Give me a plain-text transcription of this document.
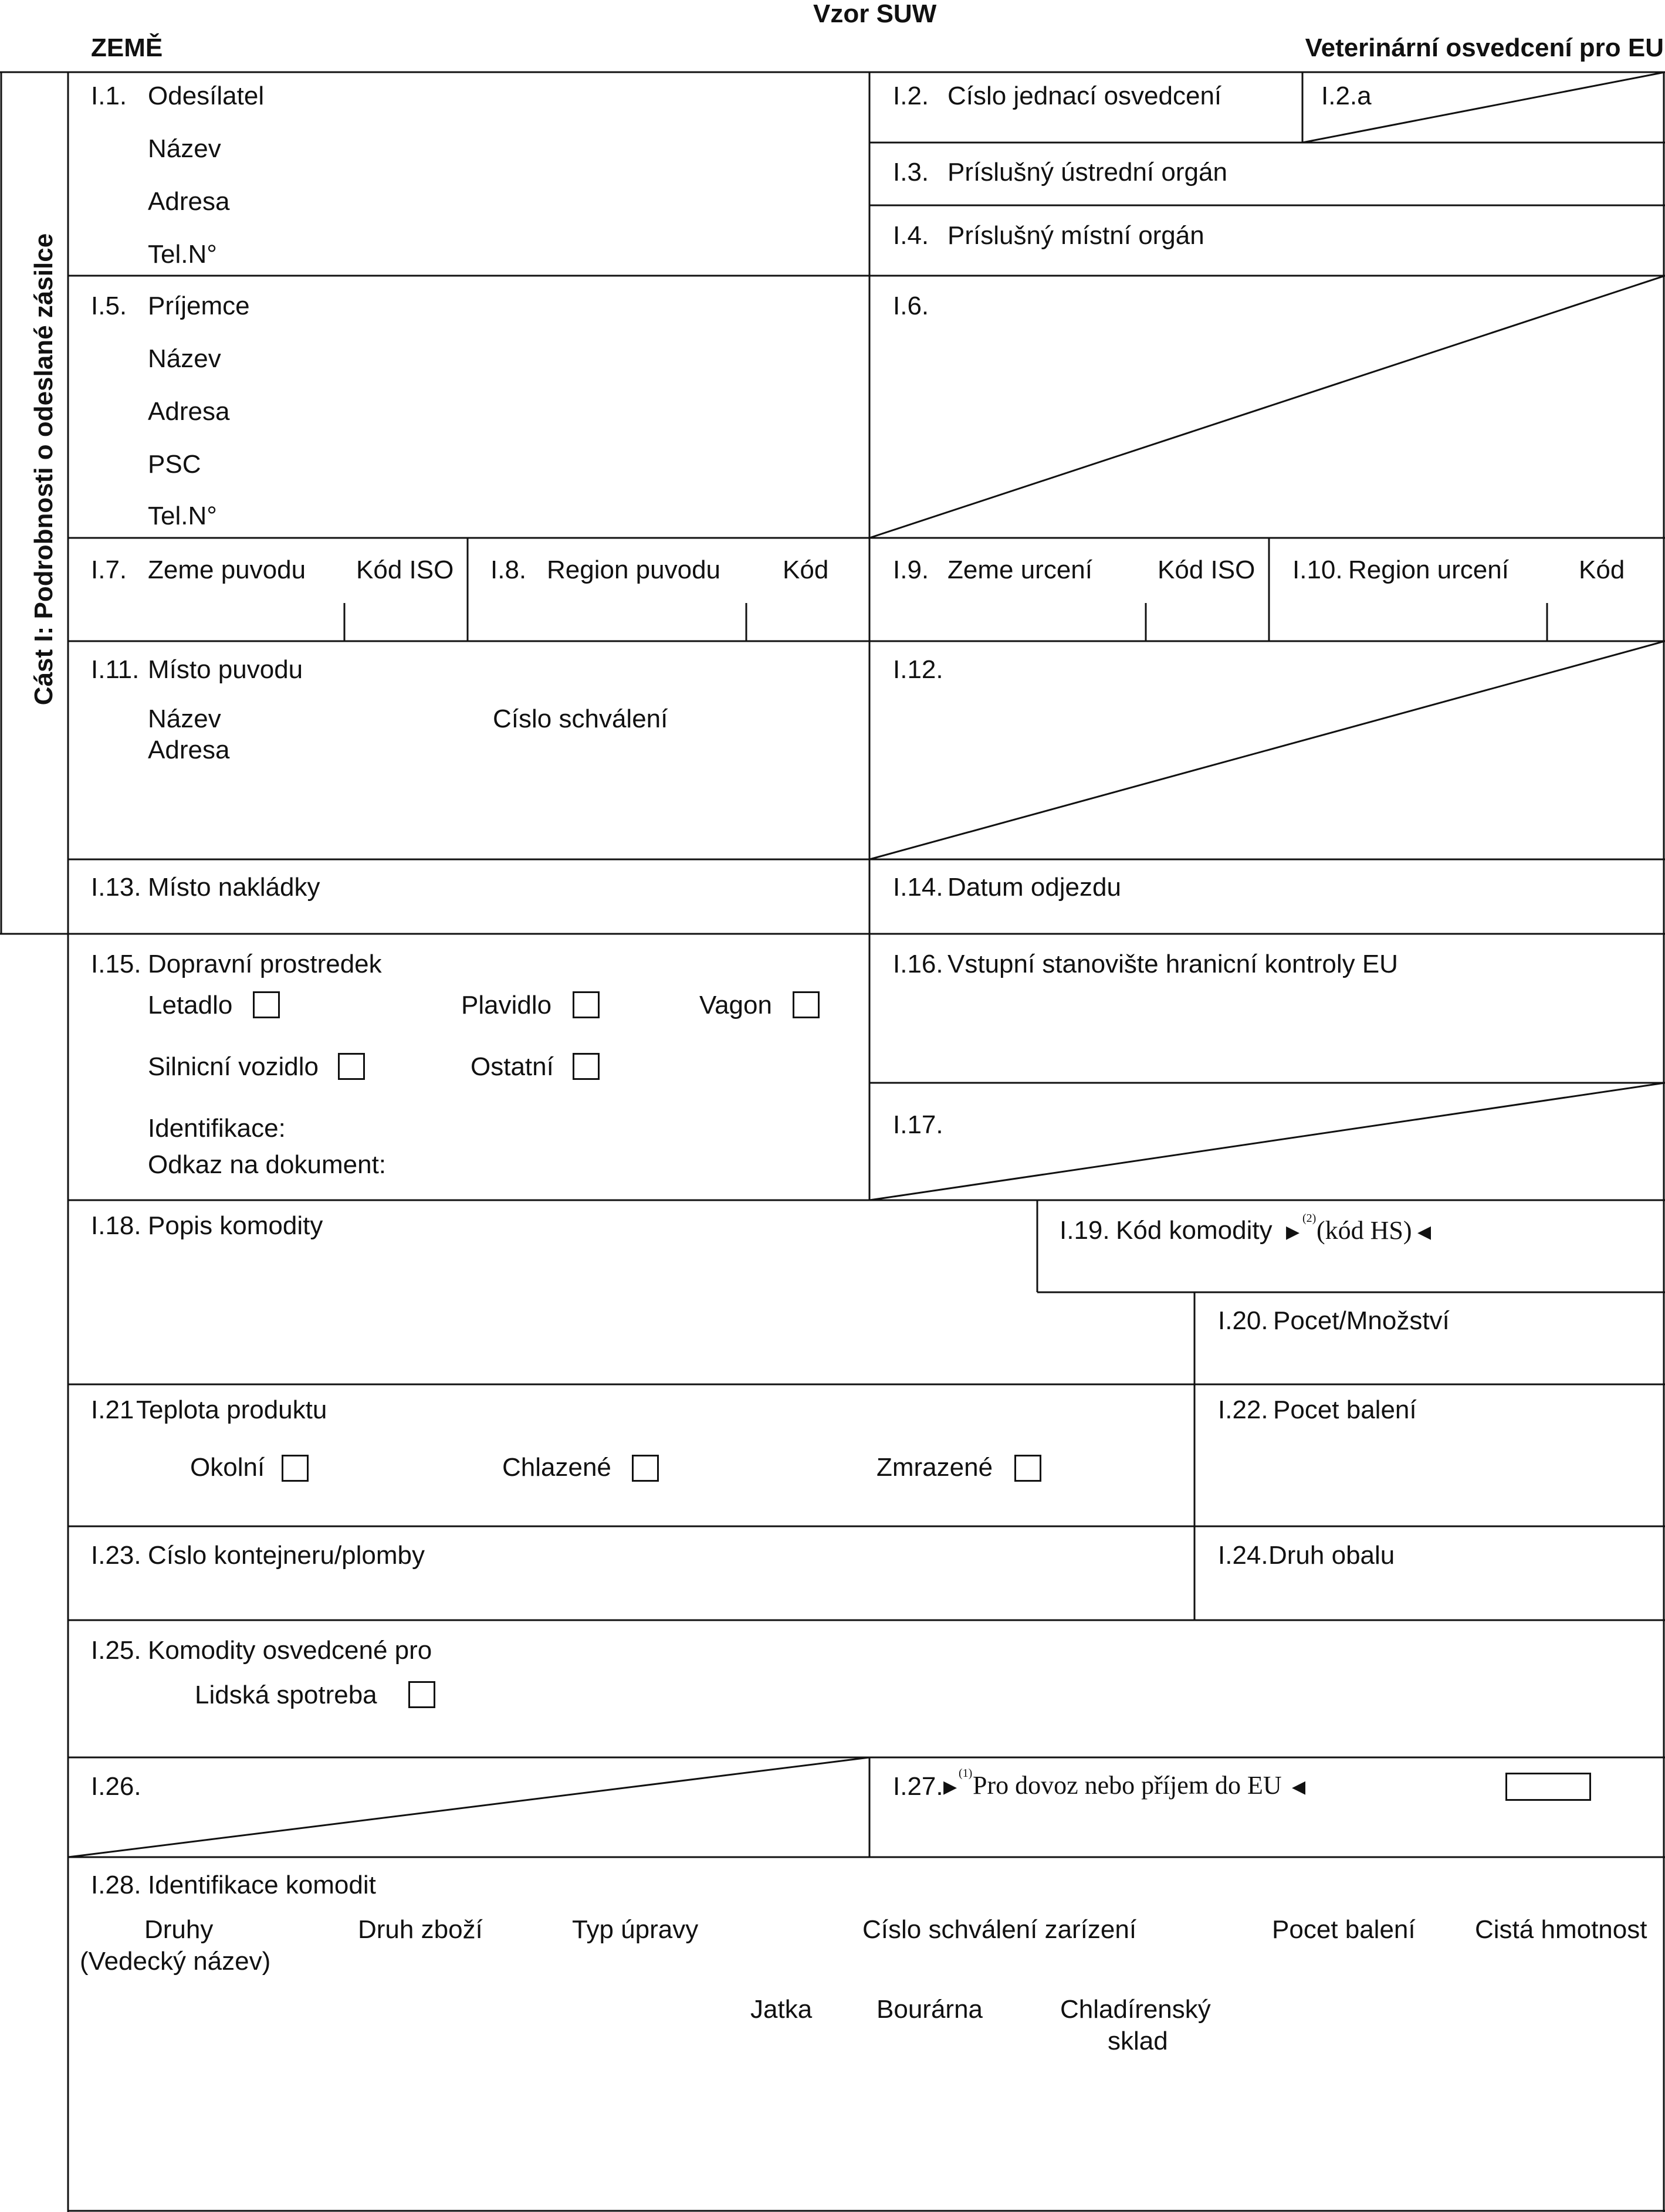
Vzor SUW
ZEMĚ	Veterinární osvedcení pro EU
Cást I: Podrobnosti o odeslané zásilce
I.1. Odesílatel
Název
Adresa
Tel.N°
I.2. Císlo jednací osvedcení	I.2.a
I.3. Príslušný ústrední orgán
I.4. Príslušný místní orgán
I.5. Príjemce
Název
Adresa
PSC
Tel.N°
I.6.
I.7. Zeme puvodu Kód ISO I.8. Region puvodu Kód I.9. Zeme urcení	Kód ISO I.10. Region urcení	Kód
I.11. Místo puvodu
Název	Císlo schválení
Adresa
I.12.
I.13. Místo nakládky	I.14. Datum odjezdu
I.15. Dopravní prostredek
Letadlo	Plavidlo	Vagon
Silnicní vozidlo	Ostatní
Identifikace:
Odkaz na dokument:
I.16. Vstupní stanovište hranicní kontroly EU
I.17.
I.18. Popis komodity	I.19. Kód komodity ▶
(2) (kód HS) ◀
I.20. Pocet/Množství
I.21 Teplota produktu
Okolní	Chlazené	Zmrazené
I.22. Pocet balení
I.23. Císlo kontejneru/plomby	I.24. Druh obalu
I.25. Komodity osvedcené pro
Lidská spotreba
I.26.	I.27. ▶
(1) Pro dovoz nebo příjem do EU ◀
I.28. Identifikace komodit
Druhy
(Vedecký název)
Druh zboží	Typ úpravy	Císlo schválení zarízení	Pocet balení Cistá hmotnost
Jatka Bourárna	Chladírenský
sklad
